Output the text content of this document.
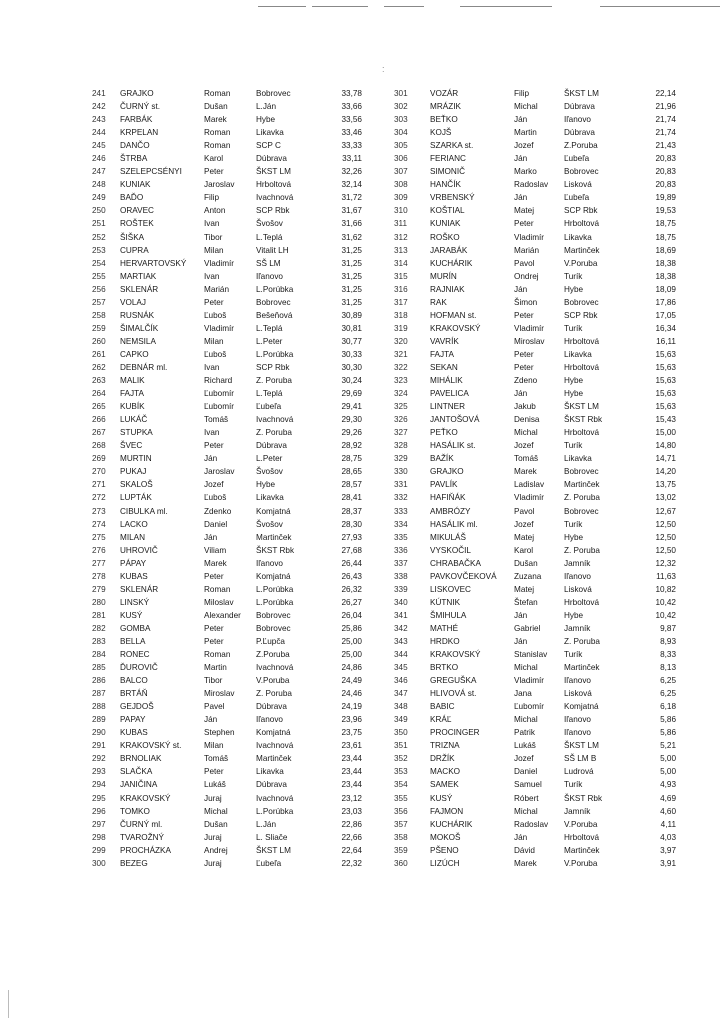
:
241	GRAJKO	Roman	Bobrovec	33,78
242	ČURNÝ st.	Dušan	L.Ján	33,66
243	FARBÁK	Marek	Hybe	33,56
244	KRPELAN	Roman	Likavka	33,46
245	DANČO	Roman	SCP C	33,33
246	ŠTRBA	Karol	Dúbrava	33,11
247	SZELEPCSÉNYI	Peter	ŠKST LM	32,26
248	KUNIAK	Jaroslav	Hrboltová	32,14
249	BAĎO	Filip	Ivachnová	31,72
250	ORAVEC	Anton	SCP Rbk	31,67
251	ROŠTEK	Ivan	Švošov	31,66
252	ŠIŠKA	Tibor	L.Teplá	31,62
253	CUPRA	Milan	Vitalit LH	31,25
254	HERVARTOVSKÝ	Vladimír	SŠ LM	31,25
255	MARTIAK	Ivan	Iľanovo	31,25
256	SKLENÁR	Marián	L.Porúbka	31,25
257	VOLAJ	Peter	Bobrovec	31,25
258	RUSNÁK	Ľuboš	Bešeňová	30,89
259	ŠIMALČÍK	Vladimír	L.Teplá	30,81
260	NEMSILA	Milan	L.Peter	30,77
261	CAPKO	Ľuboš	L.Porúbka	30,33
262	DEBNÁR ml.	Ivan	SCP Rbk	30,30
263	MALIK	Richard	Z. Poruba	30,24
264	FAJTA	Ľubomír	L.Teplá	29,69
265	KUBÍK	Ľubomír	Ľubeľa	29,41
266	LUKÁČ	Tomáš	Ivachnová	29,30
267	STUPKA	Ivan	Z. Poruba	29,26
268	ŠVEC	Peter	Dúbrava	28,92
269	MURTIN	Ján	L.Peter	28,75
270	PUKAJ	Jaroslav	Švošov	28,65
271	SKALOŠ	Jozef	Hybe	28,57
272	LUPTÁK	Ľuboš	Likavka	28,41
273	CIBULKA ml.	Zdenko	Komjatná	28,37
274	LACKO	Daniel	Švošov	28,30
275	MILAN	Ján	Martinček	27,93
276	UHROVIČ	Viliam	ŠKST Rbk	27,68
277	PÁPAY	Marek	Iľanovo	26,44
278	KUBAS	Peter	Komjatná	26,43
279	SKLENÁR	Roman	L.Porúbka	26,32
280	LINSKÝ	Miloslav	L.Porúbka	26,27
281	KUSÝ	Alexander	Bobrovec	26,04
282	GOMBA	Peter	Bobrovec	25,86
283	BELLA	Peter	P.Ľupča	25,00
284	RONEC	Roman	Z.Poruba	25,00
285	ĎUROVIČ	Martin	Ivachnová	24,86
286	BALCO	Tibor	V.Poruba	24,49
287	BRTÁŇ	Miroslav	Z. Poruba	24,46
288	GEJDOŠ	Pavel	Dúbrava	24,19
289	PAPAY	Ján	Iľanovo	23,96
290	KUBAS	Stephen	Komjatná	23,75
291	KRAKOVSKÝ st.	Milan	Ivachnová	23,61
292	BRNOLIAK	Tomáš	Martinček	23,44
293	SLAČKA	Peter	Likavka	23,44
294	JANIČINA	Lukáš	Dúbrava	23,44
295	KRAKOVSKÝ	Juraj	Ivachnová	23,12
296	TOMKO	Michal	L.Porúbka	23,03
297	ČURNÝ ml.	Dušan	L.Ján	22,86
298	TVAROŽNÝ	Juraj	L. Sliače	22,66
299	PROCHÁZKA	Andrej	ŠKST LM	22,64
300	BEZEG	Juraj	Ľubeľa	22,32
301	VOZÁR	Filip	ŠKST LM	22,14
302	MRÁZIK	Michal	Dúbrava	21,96
303	BEŤKO	Ján	Iľanovo	21,74
304	KOJŠ	Martin	Dúbrava	21,74
305	SZARKA st.	Jozef	Z.Poruba	21,43
306	FERIANC	Ján	Ľubeľa	20,83
307	SIMONIČ	Marko	Bobrovec	20,83
308	HANČÍK	Radoslav	Lisková	20,83
309	VRBENSKÝ	Ján	Ľubeľa	19,89
310	KOŠTIAL	Matej	SCP Rbk	19,53
311	KUNIAK	Peter	Hrboltová	18,75
312	ROŠKO	Vladimír	Likavka	18,75
313	JARABÁK	Marián	Martinček	18,69
314	KUCHÁRIK	Pavol	V.Poruba	18,38
315	MURÍN	Ondrej	Turík	18,38
316	RAJNIAK	Ján	Hybe	18,09
317	RAK	Šimon	Bobrovec	17,86
318	HOFMAN st.	Peter	SCP Rbk	17,05
319	KRAKOVSKÝ	Vladimír	Turík	16,34
320	VAVRÍK	Miroslav	Hrboltová	16,11
321	FAJTA	Peter	Likavka	15,63
322	SEKAN	Peter	Hrboltová	15,63
323	MIHÁLIK	Zdeno	Hybe	15,63
324	PAVELICA	Ján	Hybe	15,63
325	LINTNER	Jakub	ŠKST LM	15,63
326	JANTOŠOVÁ	Denisa	ŠKST Rbk	15,43
327	PEŤKO	Michal	Hrboltová	15,00
328	HASÁLIK st.	Jozef	Turík	14,80
329	BAŽÍK	Tomáš	Likavka	14,71
330	GRAJKO	Marek	Bobrovec	14,20
331	PAVLÍK	Ladislav	Martinček	13,75
332	HAFIŇÁK	Vladimír	Z. Poruba	13,02
333	AMBRÓZY	Pavol	Bobrovec	12,67
334	HASÁLIK ml.	Jozef	Turík	12,50
335	MIKULÁŠ	Matej	Hybe	12,50
336	VYSKOČIL	Karol	Z. Poruba	12,50
337	CHRABAČKA	Dušan	Jamník	12,32
338	PAVKOVČEKOVÁ	Zuzana	Iľanovo	11,63
339	LISKOVEC	Matej	Lisková	10,82
340	KÚTNIK	Štefan	Hrboltová	10,42
341	ŠMIHULA	Ján	Hybe	10,42
342	MATHÉ	Gabriel	Jamník	9,87
343	HRDKO	Ján	Z. Poruba	8,93
344	KRAKOVSKÝ	Stanislav	Turík	8,33
345	BRTKO	Michal	Martinček	8,13
346	GREGUŠKA	Vladimír	Iľanovo	6,25
347	HLIVOVÁ st.	Jana	Lisková	6,25
348	BABIC	Ľubomír	Komjatná	6,18
349	KRÁĽ	Michal	Iľanovo	5,86
350	PROCINGER	Patrik	Iľanovo	5,86
351	TRIZNA	Lukáš	ŠKST LM	5,21
352	DRŽÍK	Jozef	SŠ LM B	5,00
353	MACKO	Daniel	Ludrová	5,00
354	SAMEK	Samuel	Turík	4,93
355	KUSÝ	Róbert	ŠKST Rbk	4,69
356	FAJMON	Michal	Jamník	4,60
357	KUCHÁRIK	Radoslav	V.Poruba	4,11
358	MOKOŠ	Ján	Hrboltová	4,03
359	PŠENO	Dávid	Martinček	3,97
360	LIZÚCH	Marek	V.Poruba	3,91
